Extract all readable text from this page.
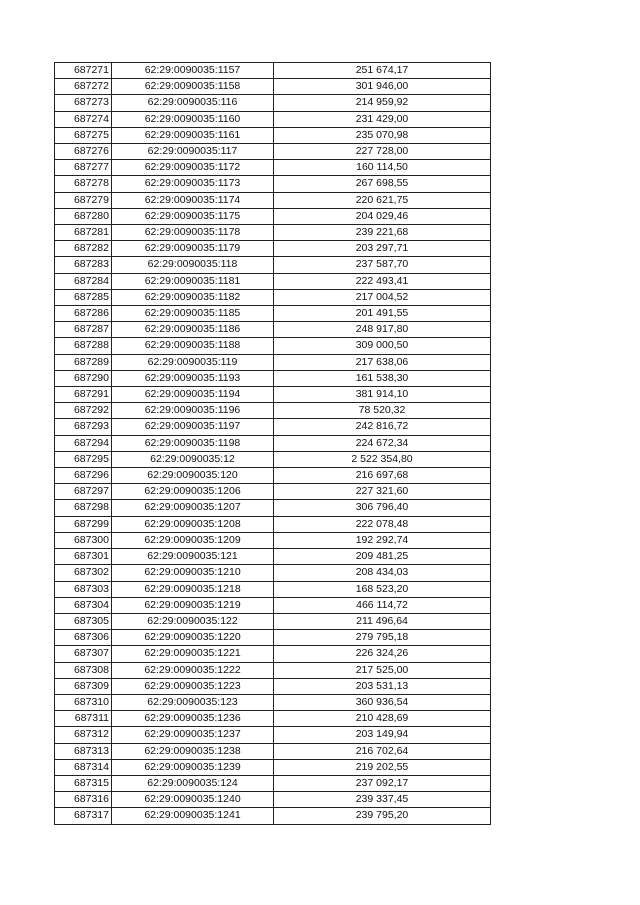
687271	62:29:0090035:1157	251 674,17
687272	62:29:0090035:1158	301 946,00
687273	62:29:0090035:116	214 959,92
687274	62:29:0090035:1160	231 429,00
687275	62:29:0090035:1161	235 070,98
687276	62:29:0090035:117	227 728,00
687277	62:29:0090035:1172	160 114,50
687278	62:29:0090035:1173	267 698,55
687279	62:29:0090035:1174	220 621,75
687280	62:29:0090035:1175	204 029,46
687281	62:29:0090035:1178	239 221,68
687282	62:29:0090035:1179	203 297,71
687283	62:29:0090035:118	237 587,70
687284	62:29:0090035:1181	222 493,41
687285	62:29:0090035:1182	217 004,52
687286	62:29:0090035:1185	201 491,55
687287	62:29:0090035:1186	248 917,80
687288	62:29:0090035:1188	309 000,50
687289	62:29:0090035:119	217 638,06
687290	62:29:0090035:1193	161 538,30
687291	62:29:0090035:1194	381 914,10
687292	62:29:0090035:1196	78 520,32
687293	62:29:0090035:1197	242 816,72
687294	62:29:0090035:1198	224 672,34
687295	62:29:0090035:12	2 522 354,80
687296	62:29:0090035:120	216 697,68
687297	62:29:0090035:1206	227 321,60
687298	62:29:0090035:1207	306 796,40
687299	62:29:0090035:1208	222 078,48
687300	62:29:0090035:1209	192 292,74
687301	62:29:0090035:121	209 481,25
687302	62:29:0090035:1210	208 434,03
687303	62:29:0090035:1218	168 523,20
687304	62:29:0090035:1219	466 114,72
687305	62:29:0090035:122	211 496,64
687306	62:29:0090035:1220	279 795,18
687307	62:29:0090035:1221	226 324,26
687308	62:29:0090035:1222	217 525,00
687309	62:29:0090035:1223	203 531,13
687310	62:29:0090035:123	360 936,54
687311	62:29:0090035:1236	210 428,69
687312	62:29:0090035:1237	203 149,94
687313	62:29:0090035:1238	216 702,64
687314	62:29:0090035:1239	219 202,55
687315	62:29:0090035:124	237 092,17
687316	62:29:0090035:1240	239 337,45
687317	62:29:0090035:1241	239 795,20
